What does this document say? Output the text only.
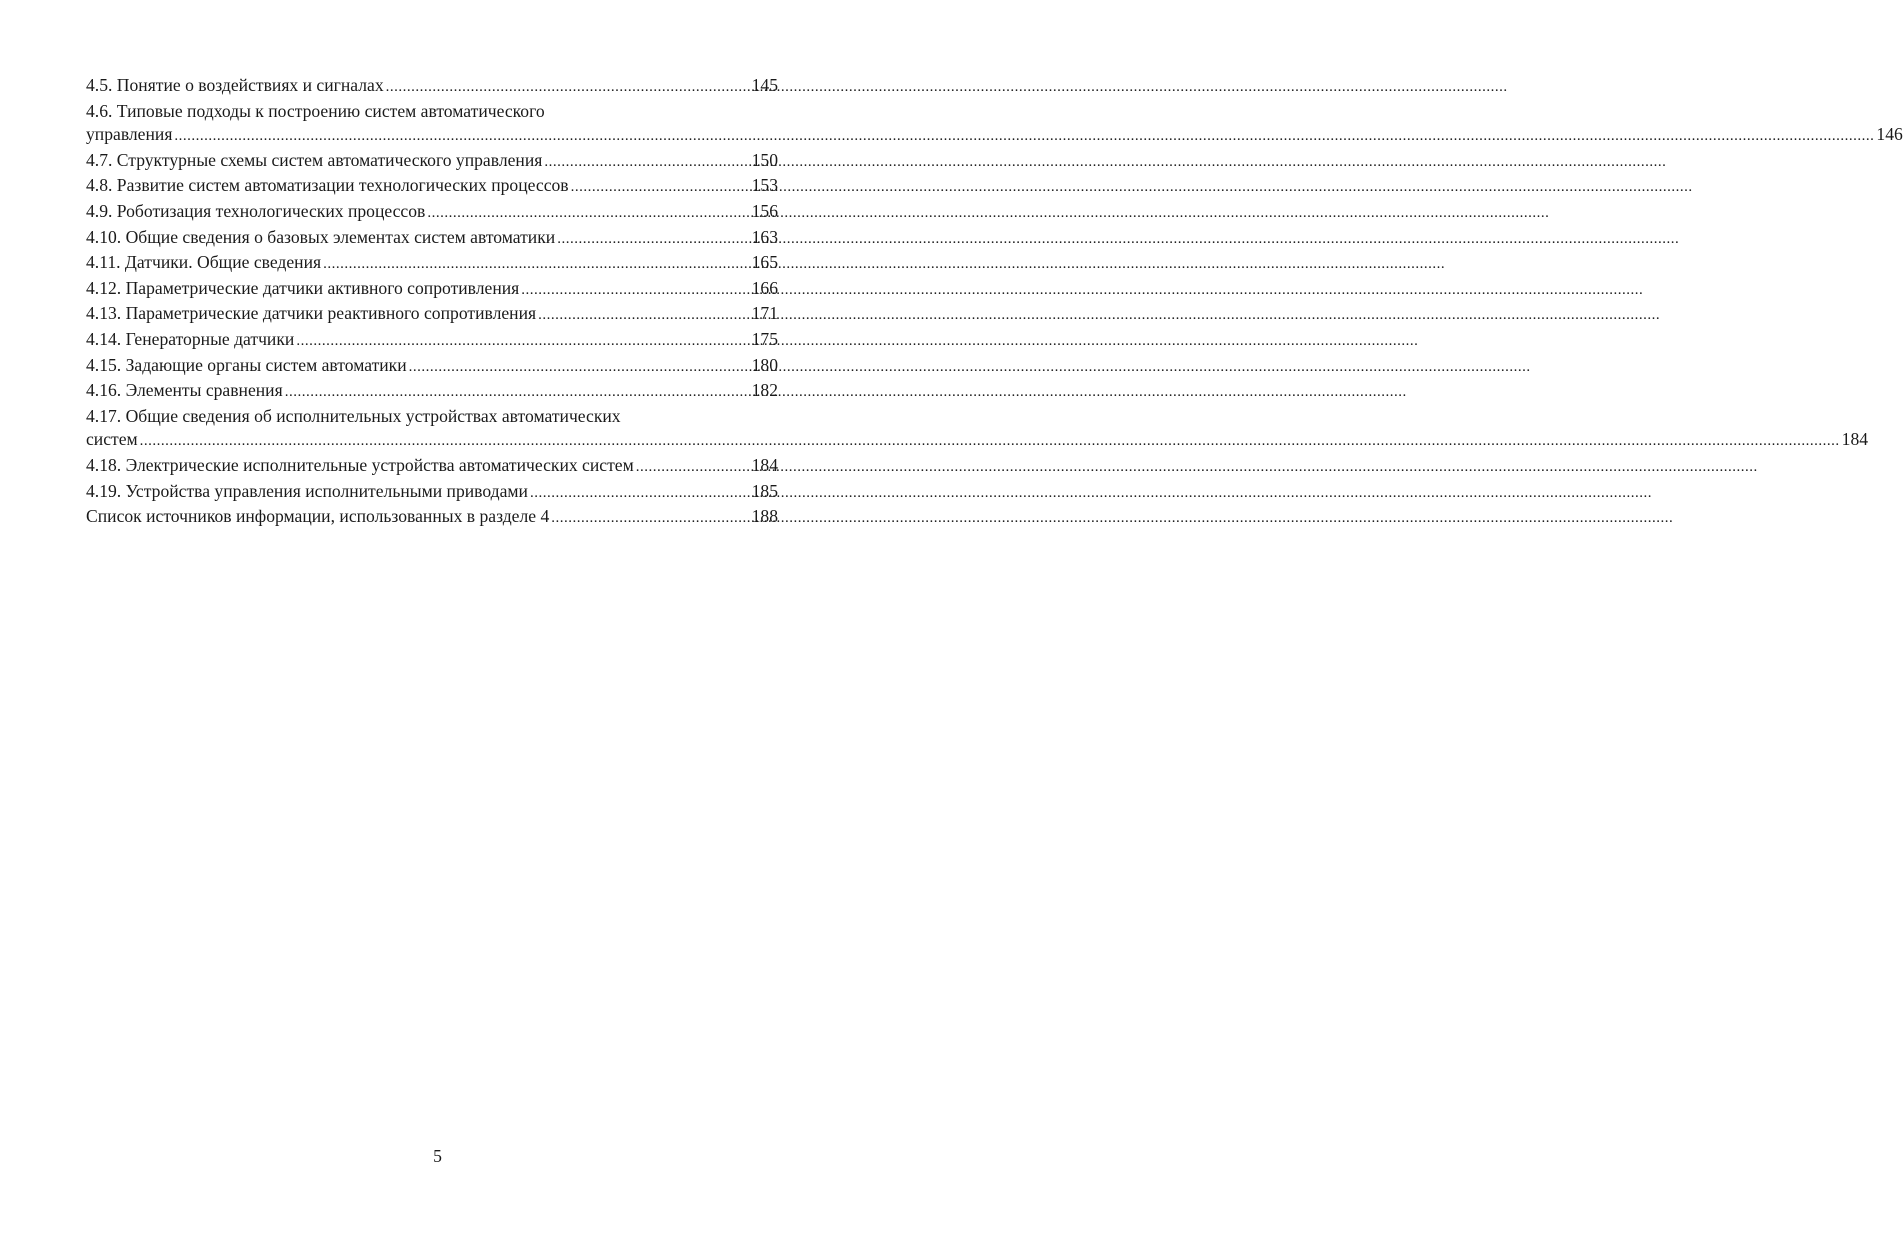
4.5. Понятие о воздействиях и сигналах .....	145
4.6. Типовые подходы к построению систем автоматического
управления ................................................................................................................................................................................................................................................................................................................................................................................................................ 146
4.7. Структурные схемы систем автоматического управления .....	150
4.8. Развитие систем автоматизации технологических процессов .....	153
4.9. Роботизация технологических процессов .....	156
4.10. Общие сведения о базовых элементах систем автоматики .....	163
4.11. Датчики. Общие сведения .....	165
4.12. Параметрические датчики активного сопротивления .....	166
4.13. Параметрические датчики реактивного сопротивления .....	171
4.14. Генераторные датчики .....	175
4.15. Задающие органы систем автоматики .....	180
4.16. Элементы сравнения .....	182
4.17. Общие сведения об исполнительных устройствах автоматических
систем ................................................................................................................................................................................................................................................................................................................................................................................................................ 184
4.18. Электрические исполнительные устройства автоматических систем .....	184
4.19. Устройства управления исполнительными приводами .....	185
Список источников информации, использованных в разделе 4 .....	188
5
